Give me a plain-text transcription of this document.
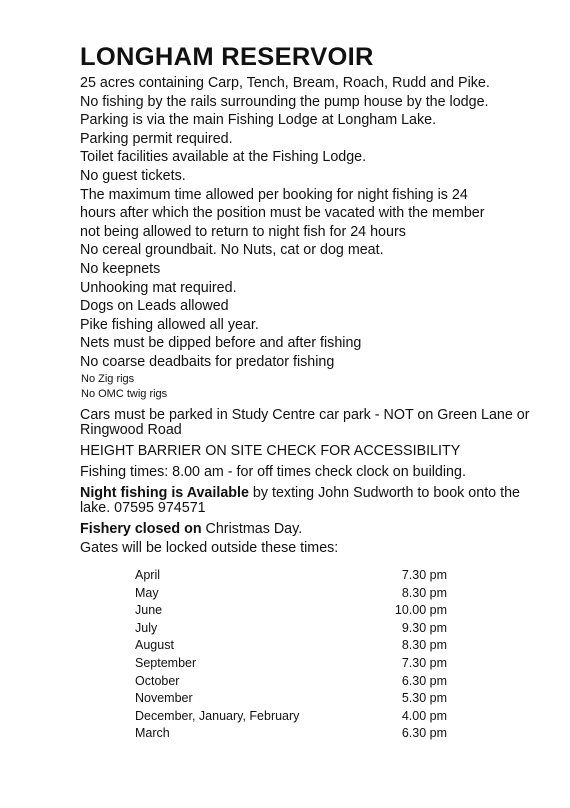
LONGHAM RESERVOIR
25 acres containing Carp, Tench, Bream, Roach, Rudd and Pike.
No fishing by the rails surrounding the pump house by the lodge.
Parking is via the main Fishing Lodge at Longham Lake.
Parking permit required.
Toilet facilities available at the Fishing Lodge.
No guest tickets.
The maximum time allowed per booking for night fishing is 24
hours after which the position must be vacated with the member
not being allowed to return to night fish for 24 hours
No cereal groundbait. No Nuts, cat or dog meat.
No keepnets
Unhooking mat required.
Dogs on Leads allowed
Pike fishing allowed all year.
Nets must be dipped before and after fishing
No coarse deadbaits for predator fishing
No Zig rigs
No OMC twig rigs
Cars must be parked in Study Centre car park - NOT on Green Lane or Ringwood Road
HEIGHT BARRIER ON SITE CHECK FOR ACCESSIBILITY
Fishing times: 8.00 am - for off times check clock on building.
Night fishing is Available by texting John Sudworth to book onto the lake. 07595 974571
Fishery closed on Christmas Day.
Gates will be locked outside these times:
April	7.30 pm
May	8.30 pm
June	10.00 pm
July	9.30 pm
August	8.30 pm
September	7.30 pm
October	6.30 pm
November	5.30 pm
December, January, February	4.00 pm
March	6.30 pm
